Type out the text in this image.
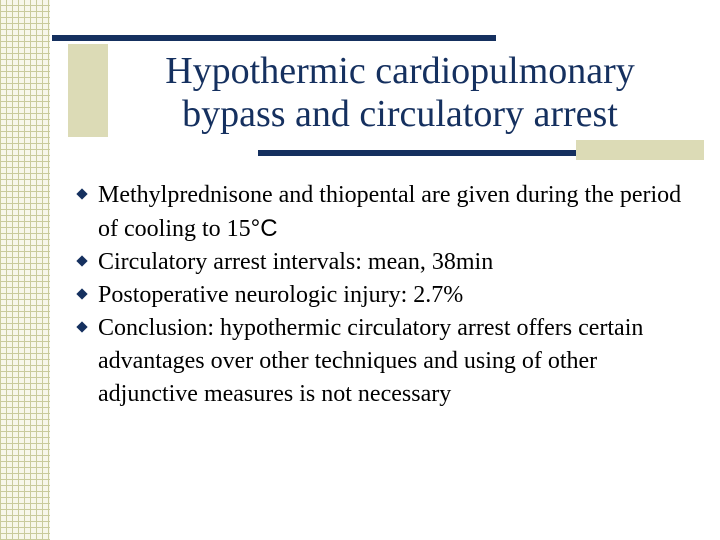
Hypothermic cardiopulmonary
bypass and circulatory arrest
Methylprednisone and thiopental are given during the period of cooling to 15°C
Circulatory arrest intervals: mean, 38min
Postoperative neurologic injury: 2.7%
Conclusion: hypothermic circulatory arrest offers certain advantages over other techniques and using of other adjunctive measures is not necessary
